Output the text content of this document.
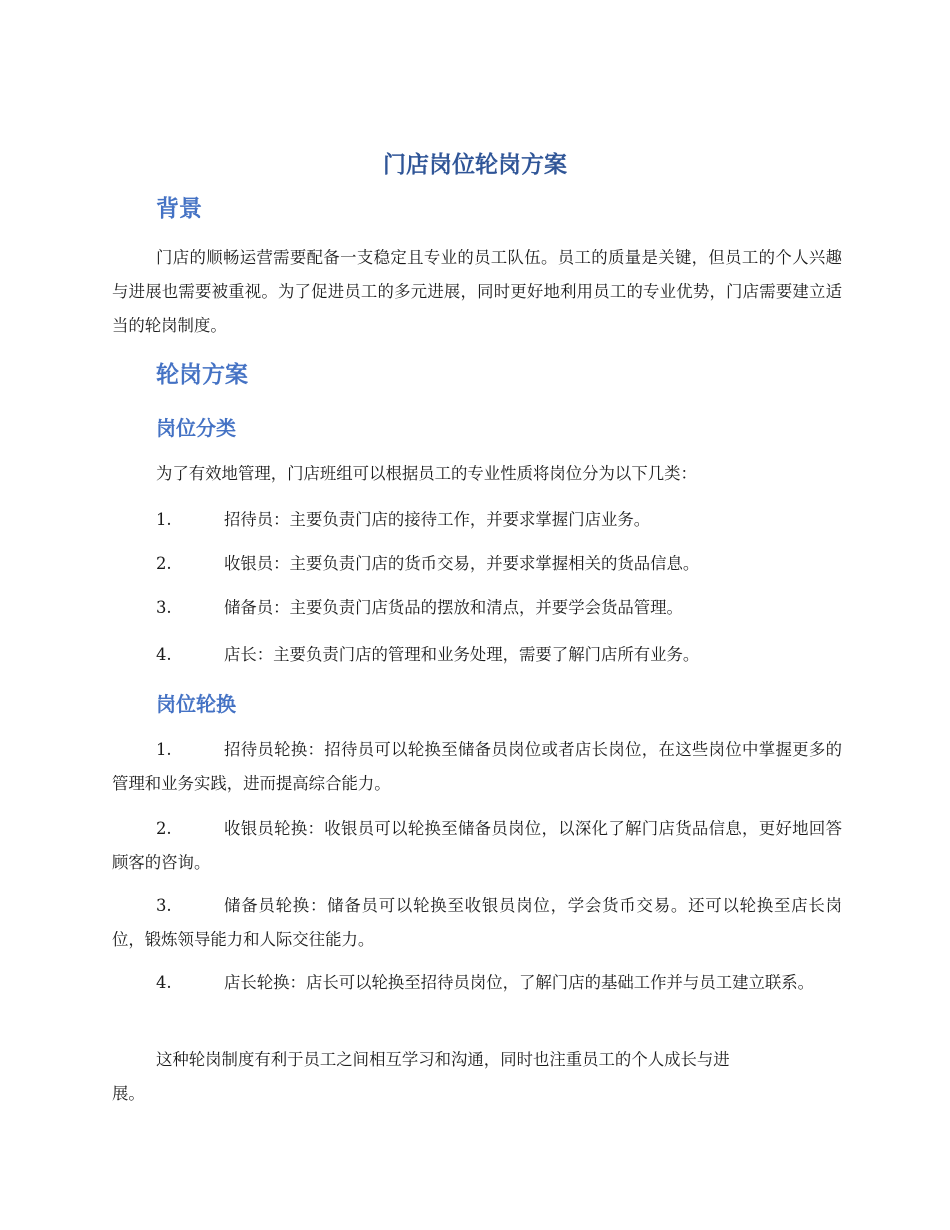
门店岗位轮岗方案
背景

门店的顺畅运营需要配备一支稳定且专业的员工队伍。员工的质量是关键，但员工的个人兴趣与进展也需要被重视。为了促进员工的多元进展，同时更好地利用员工的专业优势，门店需要建立适当的轮岗制度。

轮岗方案
岗位分类

为了有效地管理，门店班组可以根据员工的专业性质将岗位分为以下几类：

1.	招待员：主要负责门店的接待工作，并要求掌握门店业务。

2.	收银员：主要负责门店的货币交易，并要求掌握相关的货品信息。

3.	储备员：主要负责门店货品的摆放和清点，并要学会货品管理。

4.	店长：主要负责门店的管理和业务处理，需要了解门店所有业务。

岗位轮换
1.	招待员轮换：招待员可以轮换至储备员岗位或者店长岗位，在这些岗位中掌握更多的管理和业务实践，进而提高综合能力。

2.	收银员轮换：收银员可以轮换至储备员岗位，以深化了解门店货品信息，更好地回答顾客的咨询。

3.	储备员轮换：储备员可以轮换至收银员岗位，学会货币交易。还可以轮换至店长岗位，锻炼领导能力和人际交往能力。

4.	店长轮换：店长可以轮换至招待员岗位，了解门店的基础工作并与员工建立联系。

这种轮岗制度有利于员工之间相互学习和沟通，同时也注重员工的个人成长与进

展。
